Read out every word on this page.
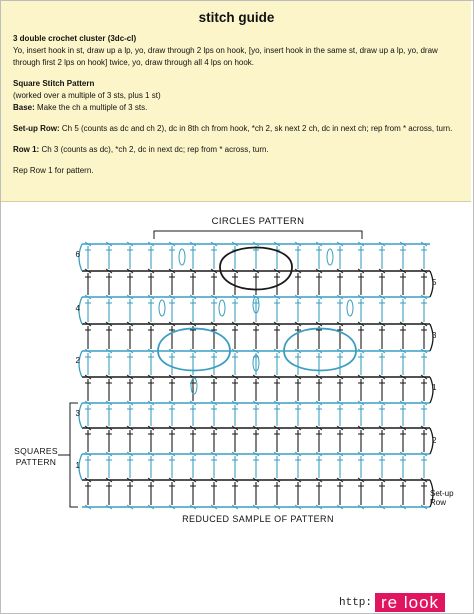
stitch guide

3 double crochet cluster (3dc-cl)
Yo, insert hook in st, draw up a lp, yo, draw through 2 lps on hook, [yo, insert hook in the same st, draw up a lp, yo, draw through first 2 lps on hook] twice, yo, draw through all 4 lps on hook.

Square Stitch Pattern
(worked over a multiple of 3 sts, plus 1 st)
Base: Make the ch a multiple of 3 sts.

Set-up Row: Ch 5 (counts as dc and ch 2), dc in 8th ch from hook, *ch 2, sk next 2 ch, dc in next ch; rep from * across, turn.

Row 1: Ch 3 (counts as dc), *ch 2, dc in next dc; rep from * across, turn.

Rep Row 1 for pattern.

CIRCLES PATTERN
SQUARES
PATTERN
REDUCED SAMPLE OF PATTERN
Set-up
Row
6
4
2
3
1
5
3
1
2
http: re look
